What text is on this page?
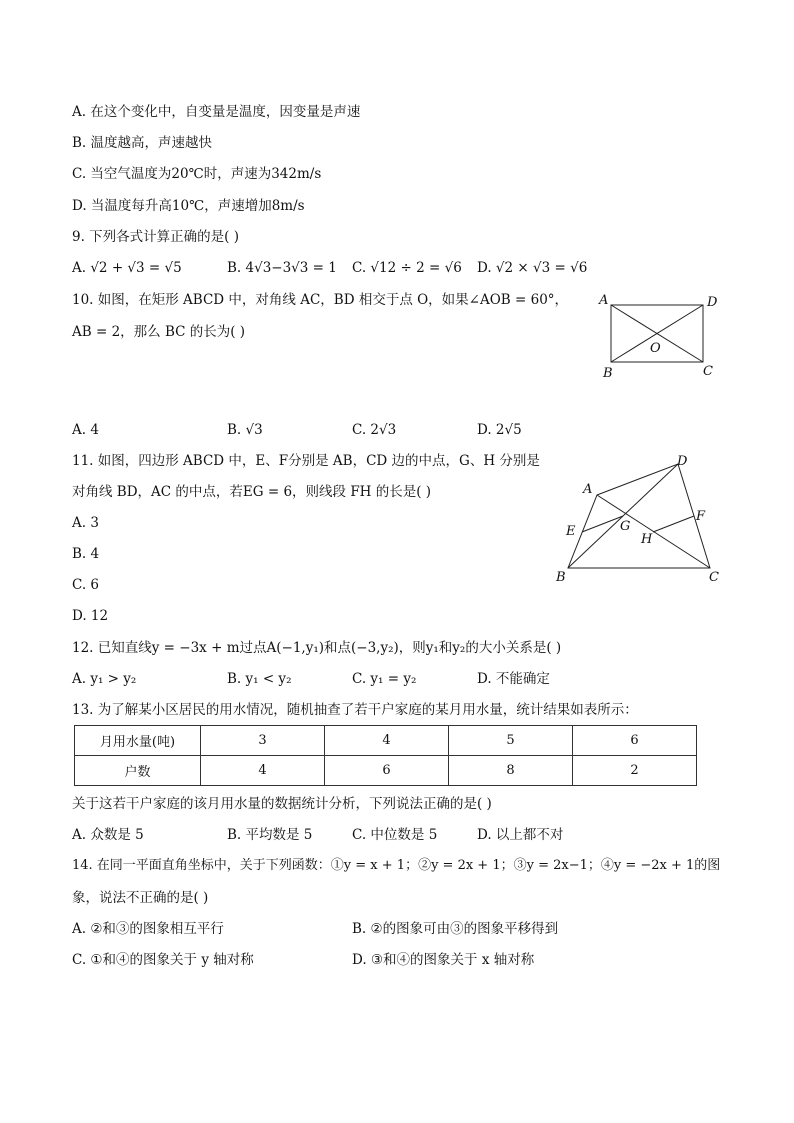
A. 在这个变化中，自变量是温度，因变量是声速
B. 温度越高，声速越快
C. 当空气温度为20℃时，声速为342m/s
D. 当温度每升高10℃，声速增加8m/s
9. 下列各式计算正确的是( )
A. √2 + √3 = √5	B. 4√3−3√3 = 1 C. √12 ÷ 2 = √6 D. √2 × √3 = √6
10. 如图，在矩形 ABCD 中，对角线 AC，BD 相交于点 O，如果∠AOB = 60°，
AB = 2，那么 BC 的长为( )
A	D
O
B	C
A. 4	B. √3	C. 2√3	D. 2√5
11. 如图，四边形 ABCD 中，E、F分别是 AB，CD 边的中点，G、H 分别是
对角线 BD，AC 的中点，若EG = 6，则线段 FH 的长是( )
A. 3
B. 4
C. 6
D. 12
A
D
E	G
H
F
B	C
12. 已知直线y = −3x + m过点A(−1,y₁)和点(−3,y₂)，则y₁和y₂的大小关系是( )
A. y₁ > y₂	B. y₁ < y₂	C. y₁ = y₂	D. 不能确定
13. 为了解某小区居民的用水情况，随机抽查了若干户家庭的某月用水量，统计结果如表所示：
月用水量(吨)	3	4	5	6
户数	4	6	8	2
关于这若干户家庭的该月用水量的数据统计分析，下列说法正确的是( )
A. 众数是 5	B. 平均数是 5	C. 中位数是 5	D. 以上都不对
14. 在同一平面直角坐标中，关于下列函数：①y = x + 1；②y = 2x + 1；③y = 2x−1；④y = −2x + 1的图
象，说法不正确的是( )
A. ②和③的图象相互平行	B. ②的图象可由③的图象平移得到
C. ①和④的图象关于 y 轴对称	D. ③和④的图象关于 x 轴对称
